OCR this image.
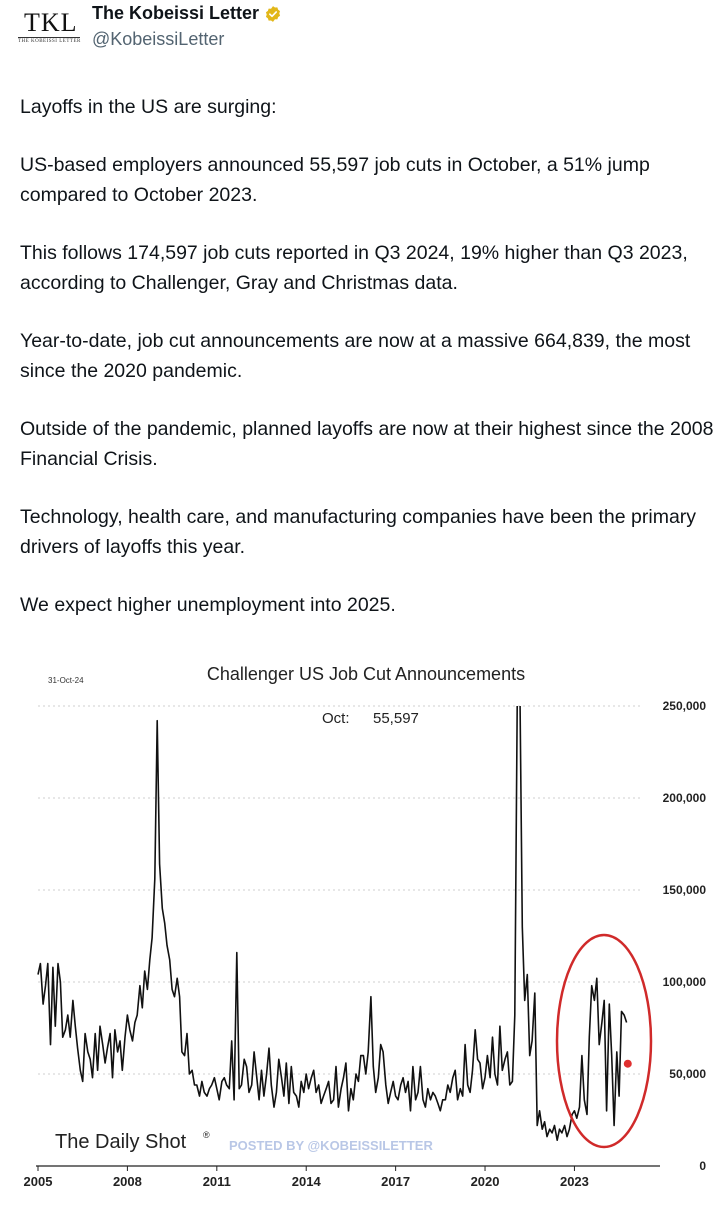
TKL
THE KOBEISSI LETTER
The Kobeissi Letter
@KobeissiLetter

Layoffs in the US are surging:

US-based employers announced 55,597 job cuts in October, a 51% jump compared to October 2023.

This follows 174,597 job cuts reported in Q3 2024, 19% higher than Q3 2023, according to Challenger, Gray and Christmas data.

Year-to-date, job cut announcements are now at a massive 664,839, the most since the 2020 pandemic.

Outside of the pandemic, planned layoffs are now at their highest since the 2008 Financial Crisis.

Technology, health care, and manufacturing companies have been the primary drivers of layoffs this year.

We expect higher unemployment into 2025.

0
50,000
100,000
150,000
200,000
250,000
2005	2008	2011	2014	2017	2020	2023
31-Oct-24	Challenger US Job Cut Announcements
Oct: 55,597
The Daily Shot ®
POSTED BY @KOBEISSILETTER
